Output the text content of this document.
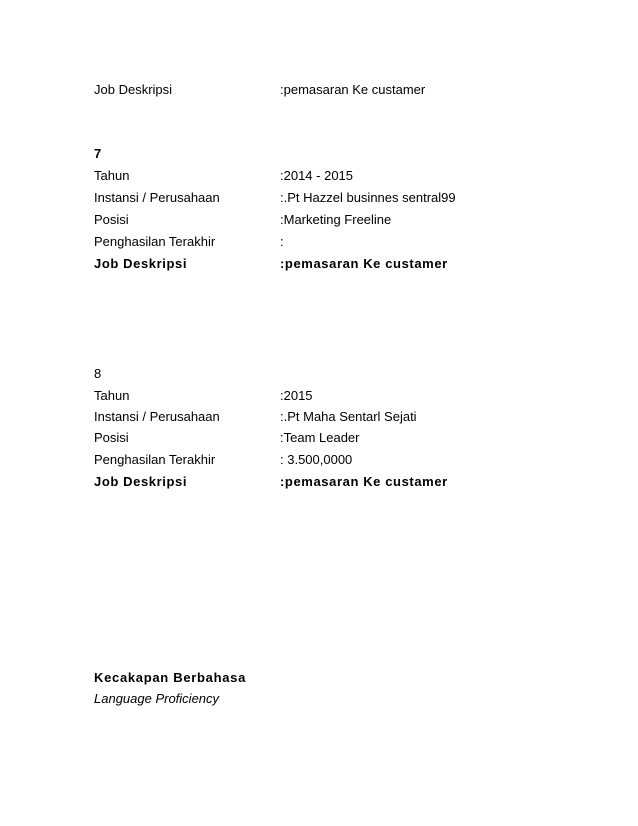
Job Deskripsi	:pemasaran Ke custamer
7
Tahun	:2014 - 2015
Instansi / Perusahaan	:.Pt Hazzel businnes sentral99
Posisi	:Marketing Freeline
Penghasilan Terakhir	:
Job Deskripsi	:pemasaran Ke custamer
8
Tahun	:2015
Instansi / Perusahaan	:.Pt Maha Sentarl Sejati
Posisi	:Team Leader
Penghasilan Terakhir	: 3.500,0000
Job Deskripsi	:pemasaran Ke custamer
Kecakapan Berbahasa
Language Proficiency
